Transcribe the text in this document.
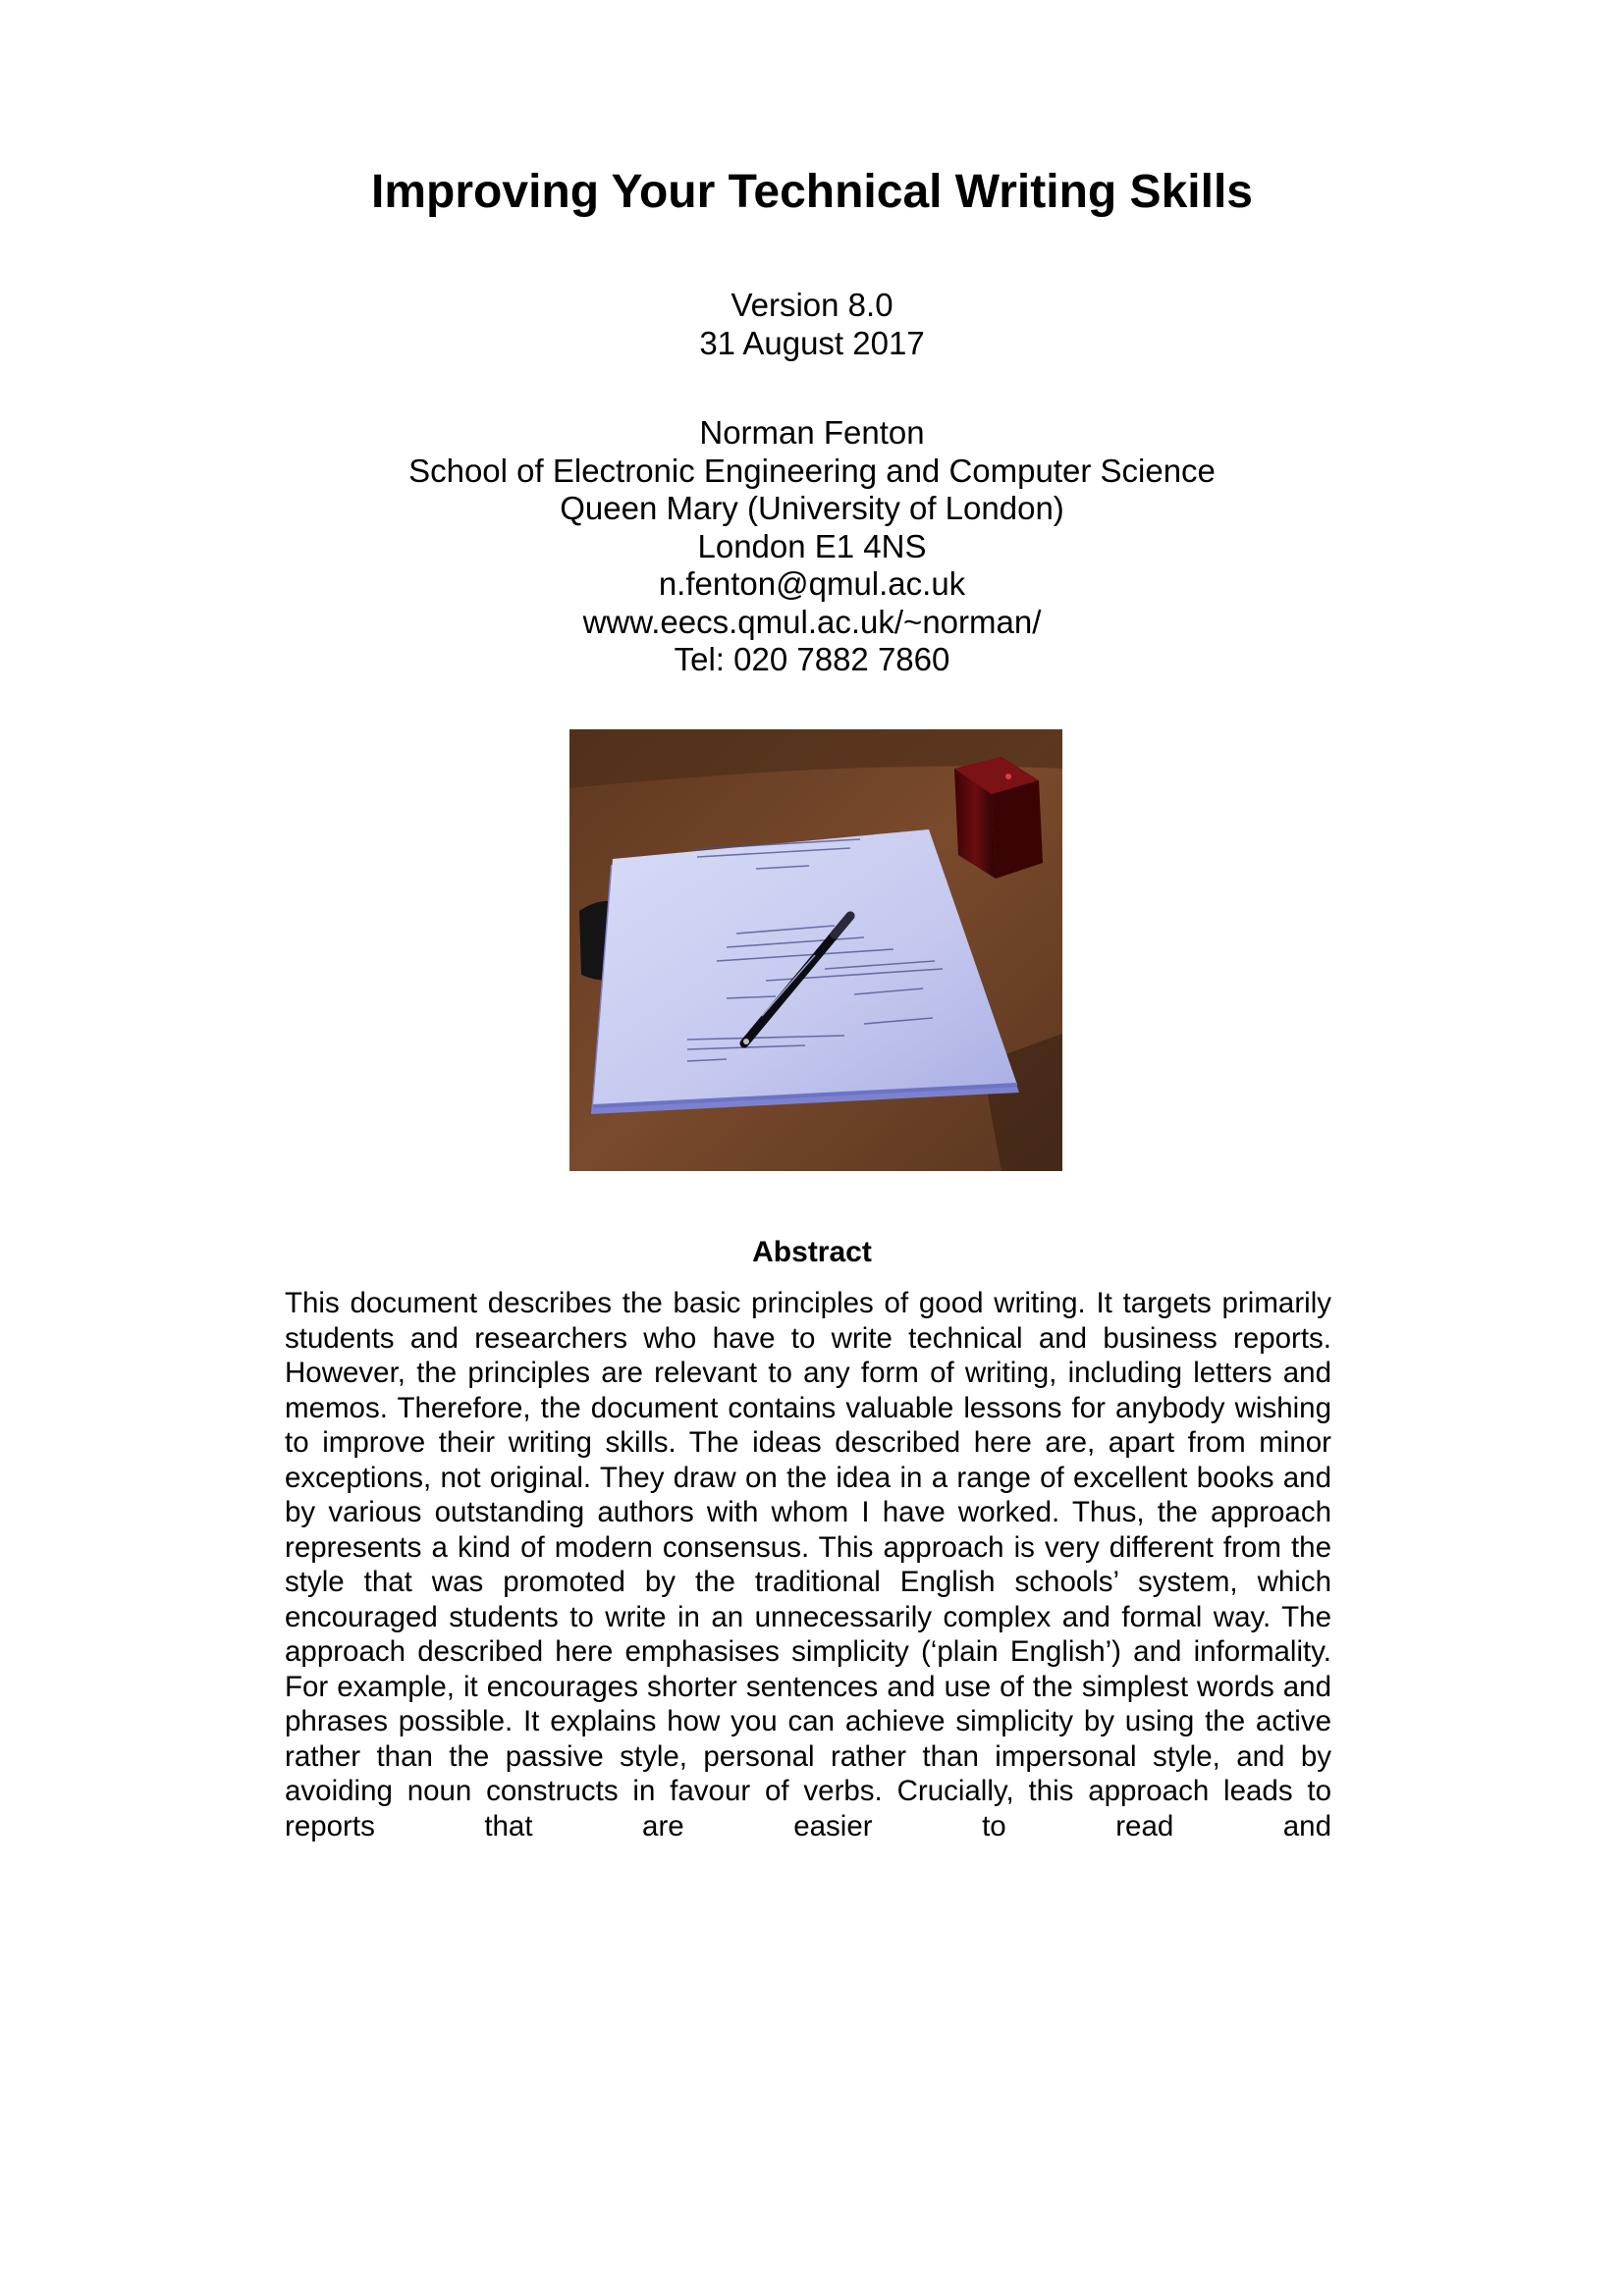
Improving Your Technical Writing Skills
Version 8.0
31 August 2017
Norman Fenton
School of Electronic Engineering and Computer Science
Queen Mary (University of London)
London E1 4NS
n.fenton@qmul.ac.uk
www.eecs.qmul.ac.uk/~norman/
Tel: 020 7882 7860
Abstract

This document describes the basic principles of good writing. It targets primarily students and researchers who have to write technical and business reports. However, the principles are relevant to any form of writing, including letters and memos. Therefore, the document contains valuable lessons for anybody wishing to improve their writing skills. The ideas described here are, apart from minor exceptions, not original. They draw on the idea in a range of excellent books and by various outstanding authors with whom I have worked. Thus, the approach represents a kind of modern consensus. This approach is very different from the style that was promoted by the traditional English schools’ system, which encouraged students to write in an unnecessarily complex and formal way. The approach described here emphasises simplicity (‘plain English’) and informality. For example, it encourages shorter sentences and use of the simplest words and phrases possible. It explains how you can achieve simplicity by using the active rather than the passive style, personal rather than impersonal style, and by avoiding noun constructs in favour of verbs. Crucially, this approach leads to reports that are easier to read and
